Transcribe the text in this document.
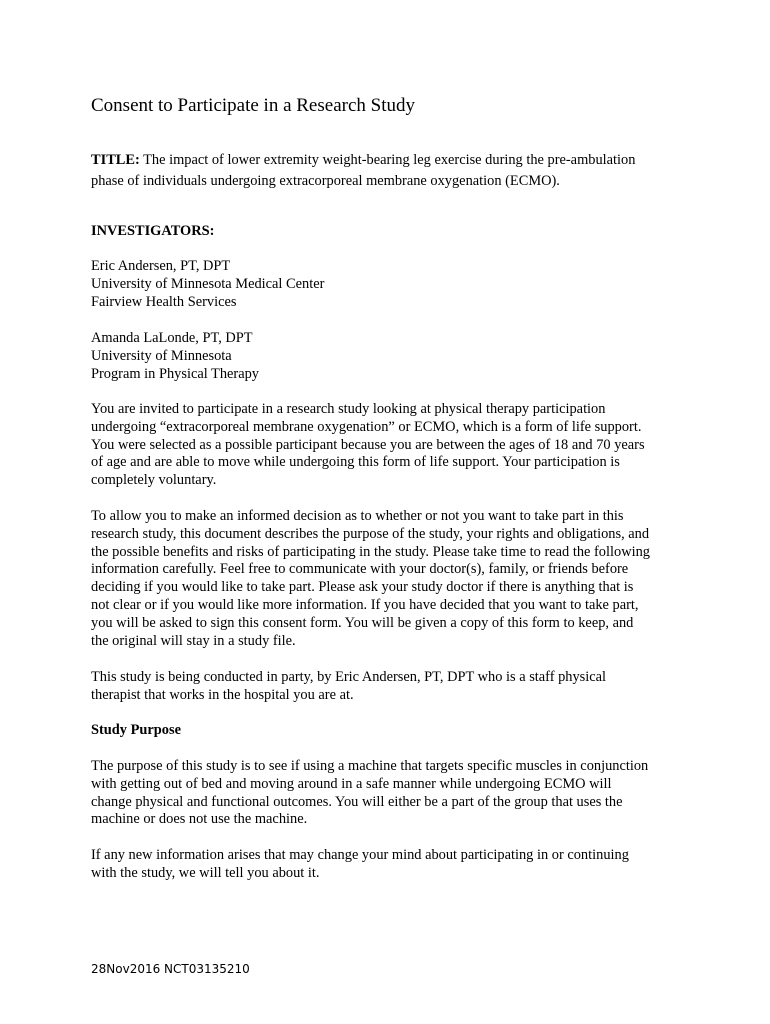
Consent to Participate in a Research Study
TITLE: The impact of lower extremity weight-bearing leg exercise during the pre-ambulation
phase of individuals undergoing extracorporeal membrane oxygenation (ECMO).
INVESTIGATORS:
Eric Andersen, PT, DPT
University of Minnesota Medical Center
Fairview Health Services
Amanda LaLonde, PT, DPT
University of Minnesota
Program in Physical Therapy
You are invited to participate in a research study looking at physical therapy participation
undergoing “extracorporeal membrane oxygenation” or ECMO, which is a form of life support.
You were selected as a possible participant because you are between the ages of 18 and 70 years
of age and are able to move while undergoing this form of life support. Your participation is
completely voluntary.
To allow you to make an informed decision as to whether or not you want to take part in this
research study, this document describes the purpose of the study, your rights and obligations, and
the possible benefits and risks of participating in the study. Please take time to read the following
information carefully. Feel free to communicate with your doctor(s), family, or friends before
deciding if you would like to take part. Please ask your study doctor if there is anything that is
not clear or if you would like more information. If you have decided that you want to take part,
you will be asked to sign this consent form. You will be given a copy of this form to keep, and
the original will stay in a study file.
This study is being conducted in party, by Eric Andersen, PT, DPT who is a staff physical
therapist that works in the hospital you are at.
Study Purpose
The purpose of this study is to see if using a machine that targets specific muscles in conjunction
with getting out of bed and moving around in a safe manner while undergoing ECMO will
change physical and functional outcomes. You will either be a part of the group that uses the
machine or does not use the machine.
If any new information arises that may change your mind about participating in or continuing
with the study, we will tell you about it.
28Nov2016 NCT03135210
